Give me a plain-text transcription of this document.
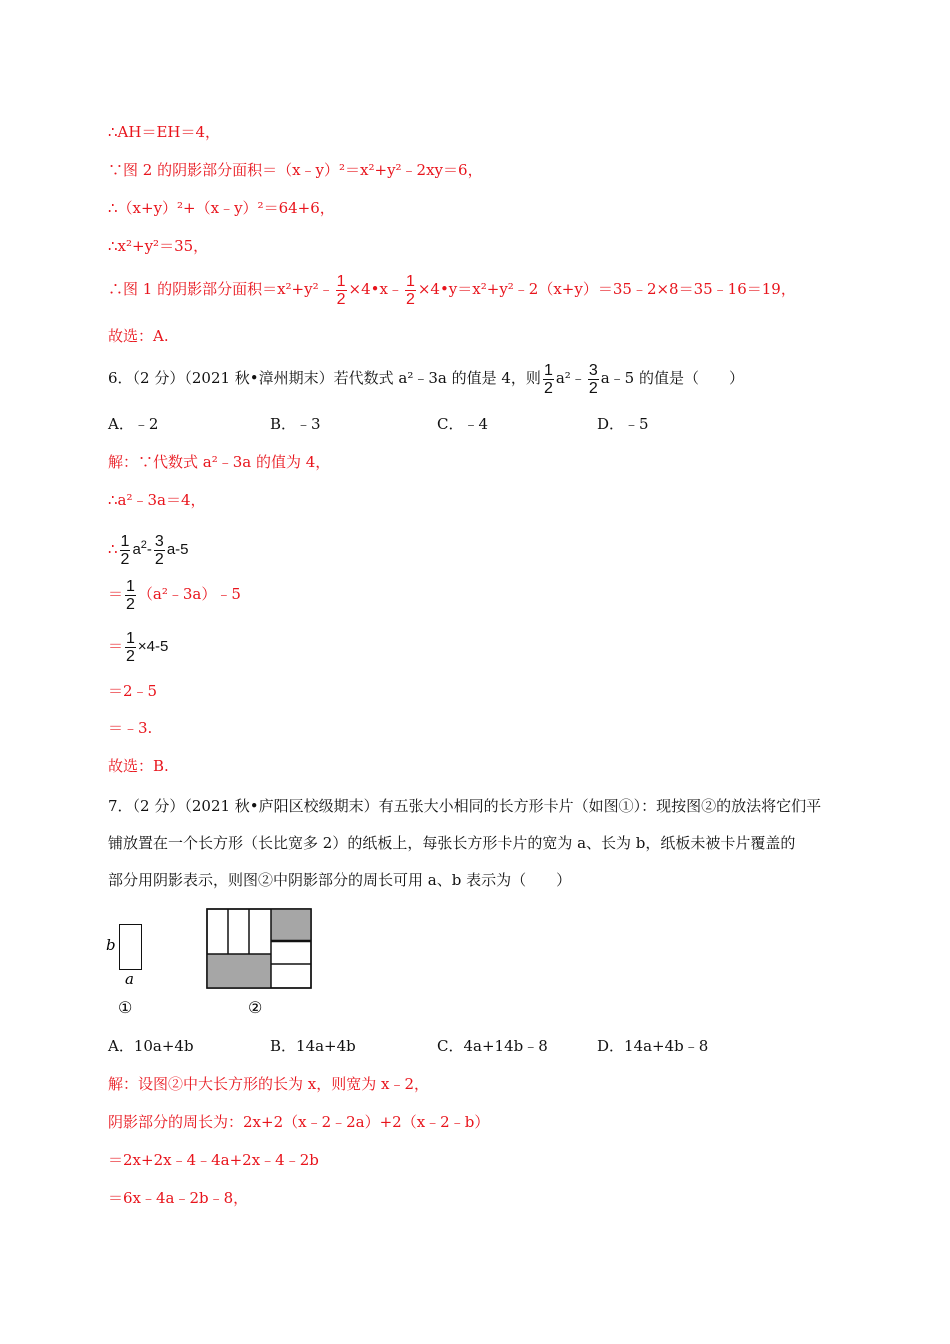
∴AH＝EH＝4，
∵图 2 的阴影部分面积＝（x﹣y）²＝x²+y²﹣2xy＝6，
∴（x+y）²+（x﹣y）²＝64+6，
∴x²+y²＝35，
∴图 1 的阴影部分面积＝x²+y²﹣ $\frac{1}{2}$ ×4•x﹣ $\frac{1}{2}$ ×4•y＝x²+y²﹣2（x+y）＝35﹣2×8＝35﹣16＝19，
故选：A.
6．（2 分）（2021 秋•漳州期末）若代数式 a²﹣3a 的值是 4，则 $\frac{1}{2}$ a²﹣ $\frac{3}{2}$ a﹣5 的值是（　　）
A．﹣2	B．﹣3	C．﹣4	D．﹣5
解：∵代数式 a²﹣3a 的值为 4，
∴a²﹣3a＝4，
∴ $\frac{1}{2} a^2- \frac{3}{2} a-5$
＝ $\frac{1}{2}$ （a²﹣3a）﹣5
＝ $\frac{1}{2} \times 4-5$
＝2﹣5
＝﹣3.
故选：B.
7．（2 分）（2021 秋•庐阳区校级期末）有五张大小相同的长方形卡片（如图①）：现按图②的放法将它们平
铺放置在一个长方形（长比宽多 2）的纸板上，每张长方形卡片的宽为 a、长为 b，纸板未被卡片覆盖的
部分用阴影表示，则图②中阴影部分的周长可用 a、b 表示为（　　）
b
a
①	②
A．10a+4b	B．14a+4b	C．4a+14b﹣8	D．14a+4b﹣8
解：设图②中大长方形的长为 x，则宽为 x﹣2，
阴影部分的周长为：2x+2（x﹣2﹣2a）+2（x﹣2﹣b）
＝2x+2x﹣4﹣4a+2x﹣4﹣2b
＝6x﹣4a﹣2b﹣8，
